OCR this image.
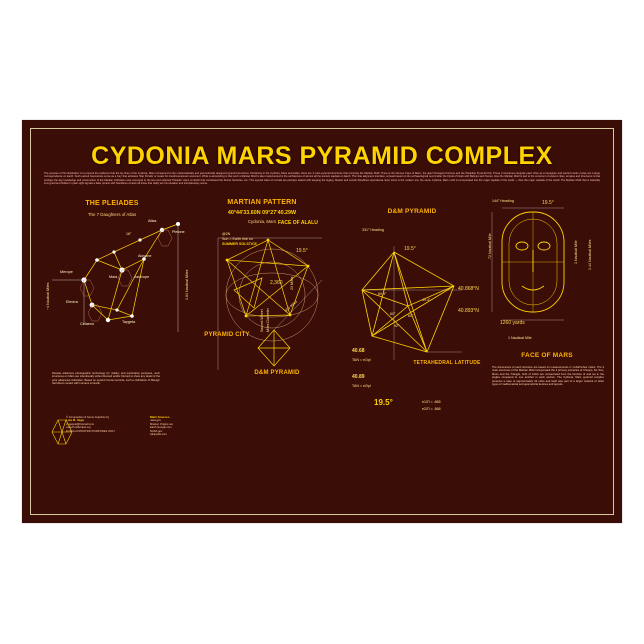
CYDONIA MARS PYRAMID COMPLEX
The purpose of this illustration is to present the evidence that the ley lines of the Cydonia, Mars correspond to the mathematically and geometrically designed pyramid structures. Pertaining to the Cydonia, Mars anomalies, there are 3 main pyramid structures that comprise the Martian Motif. There is the famous 'Face of Mars', the giant Pentagon Fortress and the Pleiadian Pyramid City. These 3 structures integrate each other as a hexagram and sacred metric cycles are a large correspondence on Earth. Such sacred Geometries serve as a 'key' that activates 'Star Portals' or Gates for interdimensional movement. What is astonishing is that such a Martian Motif is also implemented in the architecture of almost all the ancient capitals on Earth. This Star alignment interface, at least based on the archaeological record after the Flood of Noah with Babylon and Sumer. How the Martian Motif is tied to the construct of ancient cities, temples and structures is that perhaps the key knowledge and construction of the Martian civilization was conveyed to the few and selected 'Pleiadic' clans on Earth that constituted the Secret Societies, etc. This special class of mortals are perhaps tasked with keeping the legacy, Master and certain bloodlines operational. Ever since in the modern era, the same Cydonia, Mars motif is incorporated into the major capitals of the world — thus the major capitals of the world. The Martian Motif that is basically encrypted and hidden in plain sight signals a false pretext with bloodlines contain all those that really win his situation and interplanetary arena.
THE PLEIADES
The 7 Daughters of Atlas
Atlas
Pleione
Merope
Maia
Alcyone
Asterope
Electra
Celaeno	Taygeta
16°
1.64 Nautical Miles
~4 Nautical Miles
MARTIAN PATTERN
40°44'33.60N 09°27'40.29W
Cydonia, Mars
@2N
Sun = Earth rise on
SUMMER SOLSTICE
FACE OF ALALU
19.5°
23 Miles
2,360
Miles Diameter
Sacred Wheel
555 Miles
PYRAMID CITY
D&M PYRAMID
D&M PYRAMID
331° Heading
19.5°
69.4°
49.4°
60°	60°
92°
40.868°N
40.893°N
40.68
TAN = e1/pi
40.89
TAN = e2/pi
TETRAHEDRAL LATITUDE
19.5°	e1/Π = .865
e2/Π = .866
144° Heading	19.5°
1 Nautical Mile	1.44 Nautical Miles
.72 Nautical Mile
1260 yards
1 Nautical Mile
FACE OF MARS
The dimensions of each structure are based on measurements in 'cubit/inches' ratios. The 3 main structures of the Martian Motif incorporated the 3 primary pinnacles of Cheops, the Sun, Moon and the Triangle, both of which are consecrated from the function of and set in the angles compared to one another in each section. The Cydonia, Mars pyramid complex presents a case of approximately 33 miles and itself was part of a larger network of other types of mathematical and geometrical tie-lines and layouts.
Despite advances photographic technology for military and exploration purposes, such structures on Mars are intentionally either directed and/or blurred to show any detail of the prior advanced civilization. Based on ancient human records, such a civilization of 'Beings' had direct contact with humans on Earth.
© Composition & Some Graphics by
Luis B. Vega
vegapost@hotmail.com
www.PostScripts.org
FOR ILLUSTRATION PURPOSES ONLY
Main Sources
nasa.gov
Mission Origins.net
Earth Google.com
NASA.gov
wikipedia.com
